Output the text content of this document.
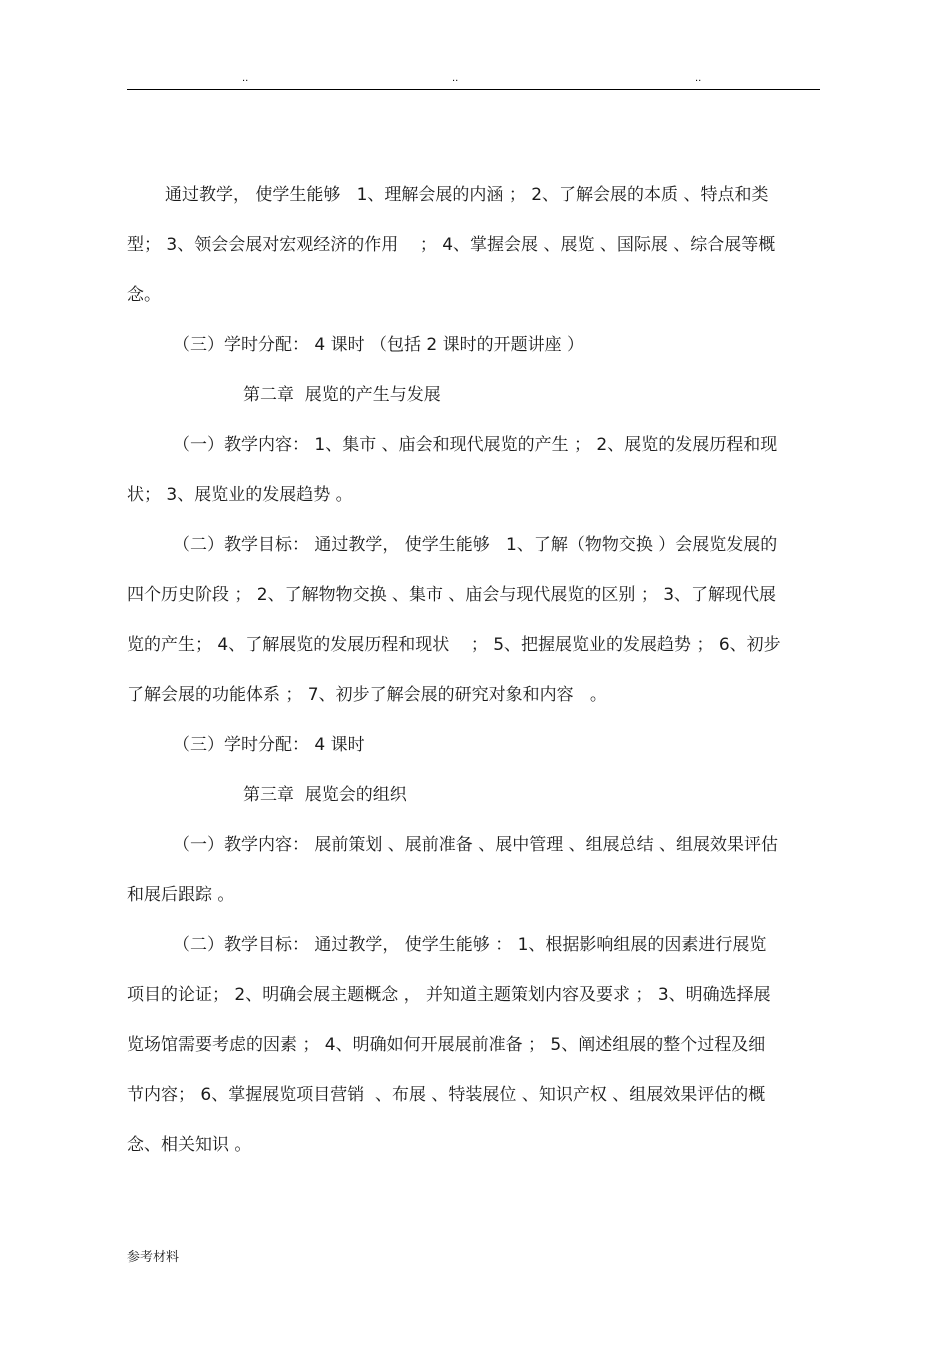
..	..	..
通过教学， 使学生能够   1、理解会展的内涵 ； 2、了解会展的本质 、特点和类
型； 3、领会会展对宏观经济的作用    ； 4、掌握会展 、展览 、国际展 、综合展等概
念。
（三）学时分配： 4 课时 （包括 2 课时的开题讲座 ）
第二章  展览的产生与发展
（一）教学内容： 1、集市 、庙会和现代展览的产生 ； 2、展览的发展历程和现
状； 3、展览业的发展趋势 。
（二）教学目标： 通过教学， 使学生能够   1、了解（物物交换 ）会展览发展的
四个历史阶段 ； 2、了解物物交换 、集市 、庙会与现代展览的区别 ； 3、了解现代展
览的产生； 4、了解展览的发展历程和现状    ； 5、把握展览业的发展趋势 ； 6、初步
了解会展的功能体系 ； 7、初步了解会展的研究对象和内容   。
（三）学时分配： 4 课时
第三章  展览会的组织
（一）教学内容： 展前策划 、展前准备 、展中管理 、组展总结 、组展效果评估
和展后跟踪 。
（二）教学目标： 通过教学， 使学生能够 ： 1、根据影响组展的因素进行展览
项目的论证； 2、明确会展主题概念 ， 并知道主题策划内容及要求 ； 3、明确选择展
览场馆需要考虑的因素 ； 4、明确如何开展展前准备 ； 5、阐述组展的整个过程及细
节内容； 6、掌握展览项目营销  、布展 、特装展位 、知识产权 、组展效果评估的概
念、相关知识 。
参考材料
